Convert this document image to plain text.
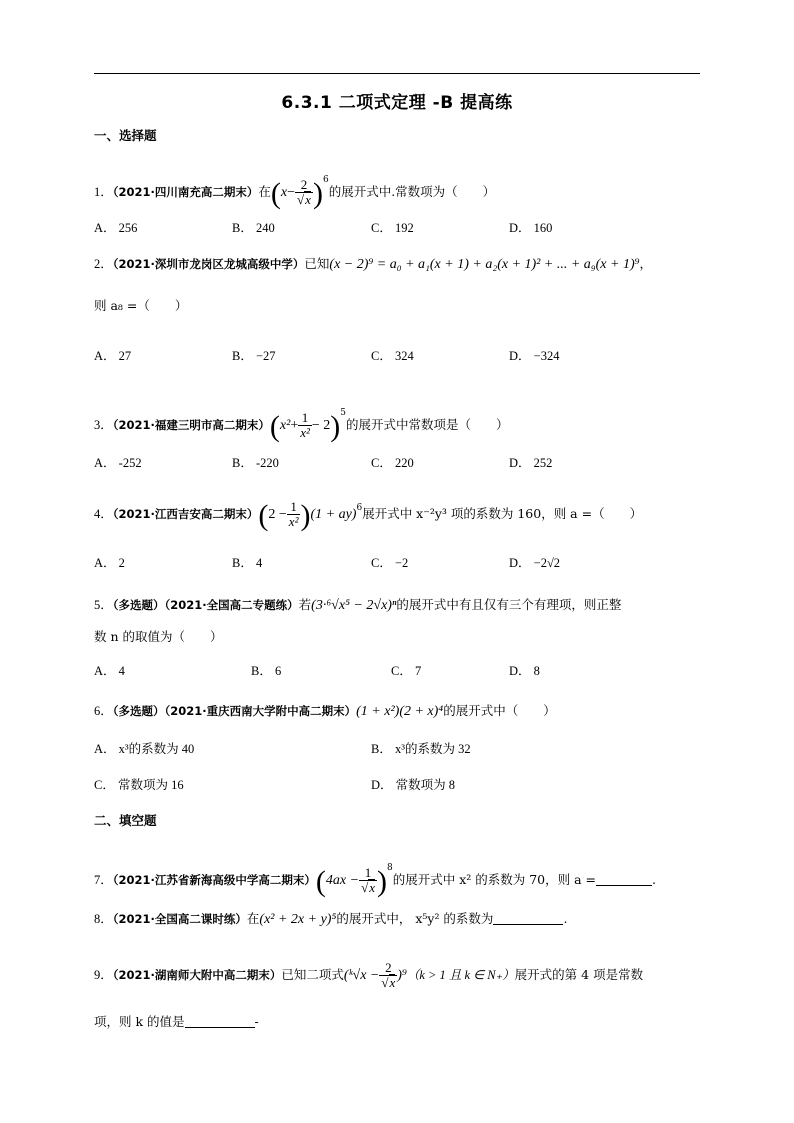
6.3.1 二项式定理 -B 提高练
一、选择题
1．（2021·四川南充高二期末）在$(x- \frac{2}{√x} )^6$的展开式中.常数项为（　　）
A． 256	B． 240	C． 192	D． 160
2．（2021·深圳市龙岗区龙城高级中学）已知(x − 2)⁹ = a₀ + a₁(x + 1) + a₂(x + 1)² + ... + a₉(x + 1)⁹，
则 a₈ =（　　）
A． 27	B． −27	C． 324	D． −324
3．（2021·福建三明市高二期末）$(x^2+ \frac{1}{\text{x²}} - 2)^5$的展开式中常数项是（　　）
A． -252	B． -220	C． 220	D． 252
4．（2021·江西吉安高二期末）$(2 - \frac{1}{\text{x²}} )(1 + ay)^6$展开式中 x⁻²y³ 项的系数为 160，则 a =（　　）
A． 2	B． 4	C． −2	D． −2√2
5．（多选题）（2021·全国高二专题练）若(3·⁶√x⁵ − 2√x)ⁿ的展开式中有且仅有三个有理项，则正整
数 n 的取值为（　　）
A． 4	B． 6	C． 7	D． 8
6．（多选题）（2021·重庆西南大学附中高二期末）(1 + x²)(2 + x)⁴的展开式中（　　）
A． x³的系数为 40	B． x³的系数为 32
C． 常数项为 16	D． 常数项为 8
二、填空题
7．（2021·江苏省新海高级中学高二期末）$(4ax - \frac{1}{√x} )^8$的展开式中 x² 的系数为 70，则 a =	.
8．（2021·全国高二课时练）在(x² + 2x + y)⁵的展开式中， x⁵y² 的系数为	.
9．（2021·湖南师大附中高二期末）已知二项式(ᵏ√x − $\frac{2}{√x} )^9(k > 1$ 且 k ∈ N₊）展开式的第 4 项是常数
项，则 k 的值是	-
